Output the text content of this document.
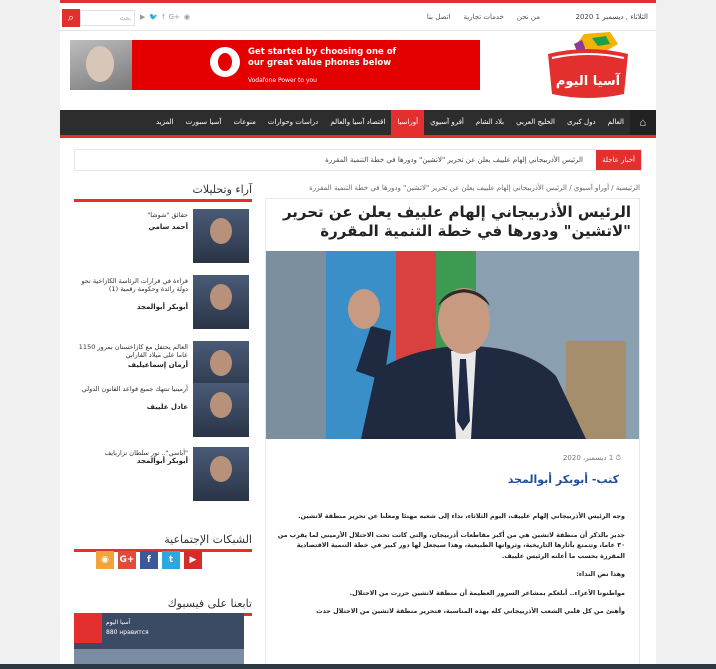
الثلاثاء , ديسمبر 1 2020
من نحن
خدمات تجارية
اتصل بنا
▶ 🐦 f G+ ◉
بحث
⌕
آسيا اليوم
Get started by choosing one of
our great value phones below
Vodafone Power to you
⌂
العالم
دول كبرى
الخليج العربي
بلاد الشام
أفرو آسيوي
أوراسيا
اقتصاد آسيا والعالم
دراسات وحوارات
منوعات
آسيا سبورت
المزيد
أخبار عاجلة
الرئيس الأذربيجاني إلهام علييف يعلن عن تحرير "لاتشين" ودورها في خطة التنمية المقررة
الرئيسية / أوراو آسيوي / الرئيس الأذربيجاني إلهام علييف يعلن عن تحرير "لاتشين" ودورها في خطة التنمية المقررة
الرئيس الأذربيجاني إلهام علييف يعلن عن تحرير "لاتشين" ودورها في خطة التنمية المقررة
⏱ 1 ديسمبر، 2020
كتب- أبوبكر أبوالمجد

وجه الرئيس الأذربيجاني إلهام علييف، اليوم الثلاثاء، نداء إلى شعبه مهنئا ومعلنا عن تحرير منطقة لاتشين.

جدير بالذكر أن منطقة لاتشين هي من أكبر مقاطعات أذربيجان، والتي كانت تحت الاحتلال الأرميني لما يقرب من ٣٠ عاما، وتتمتع بآثارها التاريخية، وثرواتها الطبيعية، وهذا سيجعل لها دور كبير في خطة التنمية الاقتصادية المقررة بحسب ما أعلنه الرئيس علييف.

وهذا نص النداء:

مواطنونا الأعزاء.. أبلغكم بمشاعر السرور العظيمة أن منطقة لاتشين حررت من الاحتلال.

وأهنئ من كل قلبي الشعب الأذربيجاني كله بهذه المناسبة، فتحرير منطقة لاتشين من الاحتلال حدث

آراء وتحليلات
حقائق "شوشا"
أحمد سامي
قراءة في قرارات الرئاسة الكازاخية نحو دولة رائدة وحكومة رقمية (1)
أبوبكر أبوالمجد
العالم يحتفل مع كازاخستان بمرور 1150 عاما على ميلاد الفارابي
أرمان إسماعيليف
أرمينيا تنتهك جميع قواعد القانون الدولي
عادل علييف
"أباسي".. نور سلطان نزاربايف
أبوبكر أبوالمجد
الشبكات الإجتماعية
تابعنا على فيسبوك
◉	G+	f	t	▶
آسيا اليوم
880 нравится
